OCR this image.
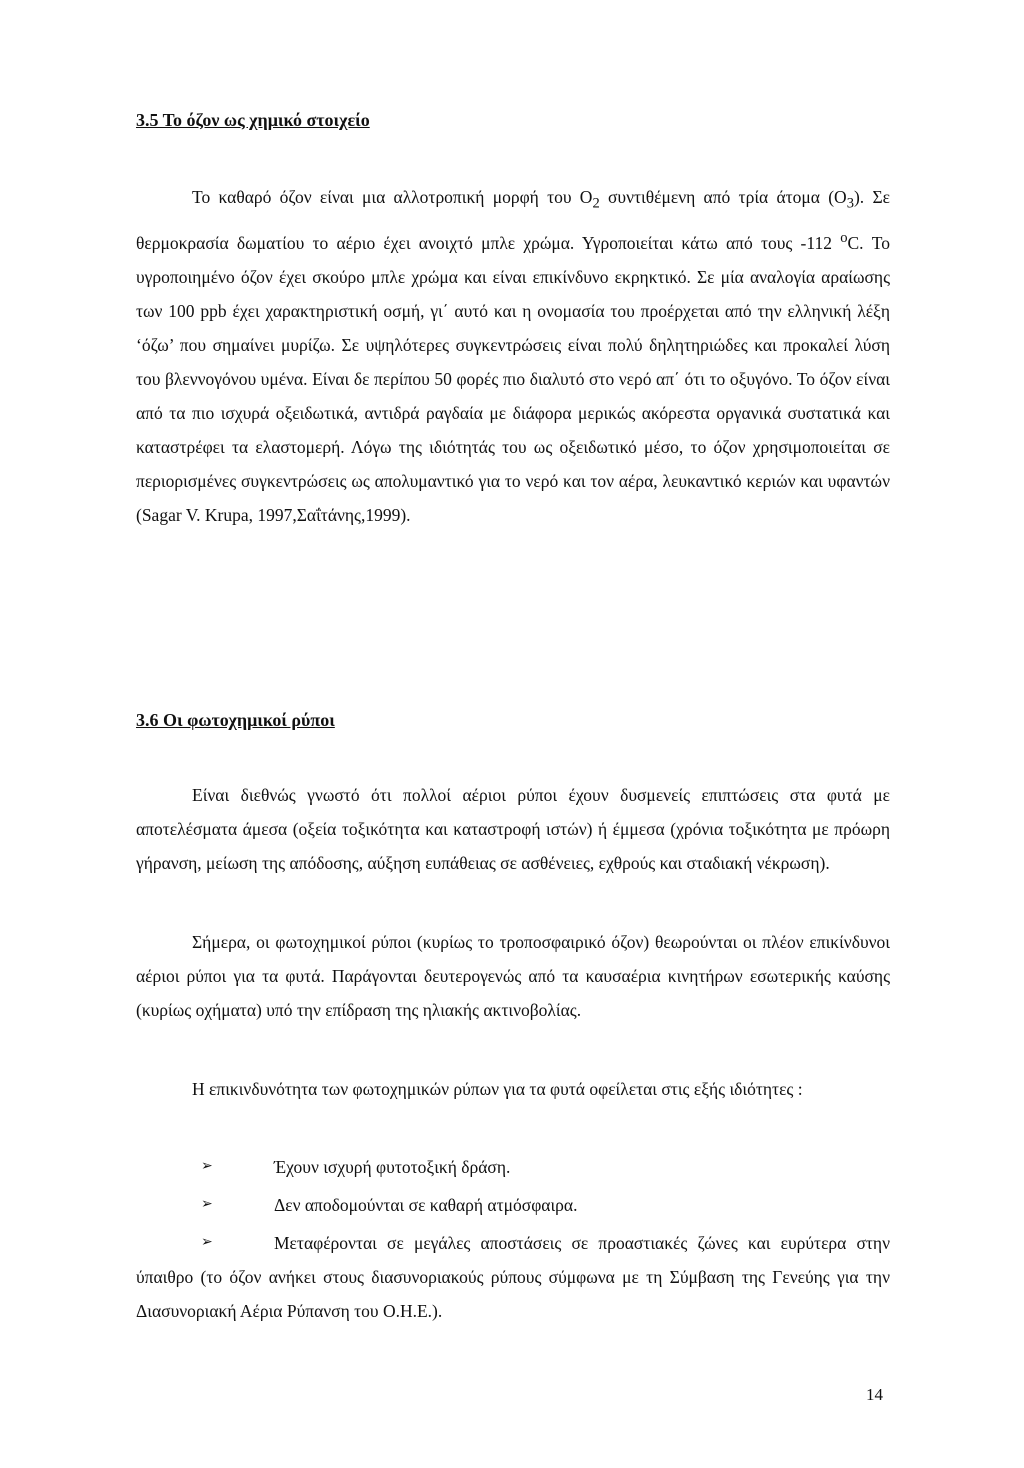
3.5 Το όζον ως χημικό στοιχείο
Το καθαρό όζον είναι μια αλλοτροπική μορφή του $O_2$ συντιθέμενη από τρία άτομα $(O_3)$. Σε θερμοκρασία δωματίου το αέριο έχει ανοιχτό μπλε χρώμα. Υγροποιείται κάτω από τους -112 $^o$C. Το υγροποιημένο όζον έχει σκούρο μπλε χρώμα και είναι επικίνδυνο εκρηκτικό. Σε μία αναλογία αραίωσης των 100 ppb έχει χαρακτηριστική οσμή, γι΄ αυτό και η ονομασία του προέρχεται από την ελληνική λέξη ‘όζω’ που σημαίνει μυρίζω. Σε υψηλότερες συγκεντρώσεις είναι πολύ δηλητηριώδες και προκαλεί λύση του βλεννογόνου υμένα. Είναι δε περίπου 50 φορές πιο διαλυτό στο νερό απ΄ ότι το οξυγόνο. Το όζον είναι από τα πιο ισχυρά οξειδωτικά, αντιδρά ραγδαία με διάφορα μερικώς ακόρεστα οργανικά συστατικά και καταστρέφει τα ελαστομερή. Λόγω της ιδιότητάς του ως οξειδωτικό μέσο, το όζον χρησιμοποιείται σε περιορισμένες συγκεντρώσεις ως απολυμαντικό για το νερό και τον αέρα, λευκαντικό κεριών και υφαντών (Sagar V. Krupa, 1997,Σαΐτάνης,1999).
3.6 Οι φωτοχημικοί ρύποι
Είναι διεθνώς γνωστό ότι πολλοί αέριοι ρύποι έχουν δυσμενείς επιπτώσεις στα φυτά με αποτελέσματα άμεσα (οξεία τοξικότητα και καταστροφή ιστών) ή έμμεσα (χρόνια τοξικότητα με πρόωρη γήρανση, μείωση της απόδοσης, αύξηση ευπάθειας σε ασθένειες, εχθρούς και σταδιακή νέκρωση).
Σήμερα, οι φωτοχημικοί ρύποι (κυρίως το τροποσφαιρικό όζον) θεωρούνται οι πλέον επικίνδυνοι αέριοι ρύποι για τα φυτά. Παράγονται δευτερογενώς από τα καυσαέρια κινητήρων εσωτερικής καύσης (κυρίως οχήματα) υπό την επίδραση της ηλιακής ακτινοβολίας.
Η επικινδυνότητα των φωτοχημικών ρύπων για τα φυτά οφείλεται στις εξής ιδιότητες :
➢	Έχουν ισχυρή φυτοτοξική δράση.
➢	Δεν αποδομούνται σε καθαρή ατμόσφαιρα.
➢	Μεταφέρονται σε μεγάλες αποστάσεις σε προαστιακές ζώνες και ευρύτερα στην ύπαιθρο (το όζον ανήκει στους διασυνοριακούς ρύπους σύμφωνα με τη Σύμβαση της Γενεύης για την Διασυνοριακή Αέρια Ρύπανση του Ο.Η.Ε.).
14
